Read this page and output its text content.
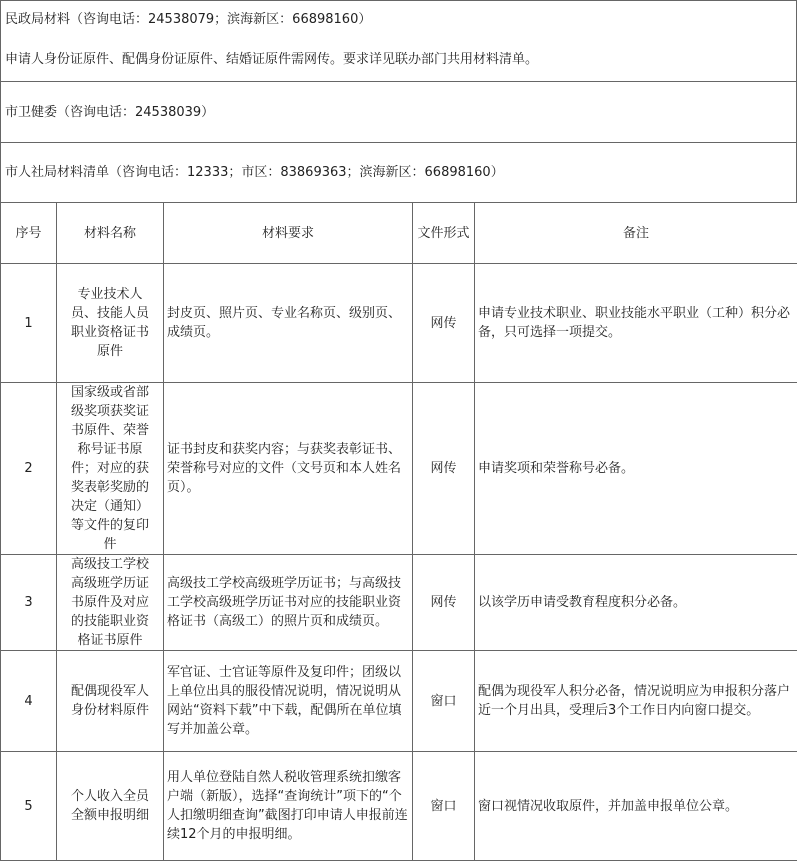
民政局材料（咨询电话：24538079；滨海新区：66898160）
申请人身份证原件、配偶身份证原件、结婚证原件需网传。要求详见联办部门共用材料清单。
市卫健委（咨询电话：24538039）
市人社局材料清单（咨询电话：12333；市区：83869363；滨海新区：66898160）
序号	材料名称	材料要求	文件形式	备注
1	专业技术人员、技能人员职业资格证书原件	封皮页、照片页、专业名称页、级别页、成绩页。	网传	申请专业技术职业、职业技能水平职业（工种）积分必备，只可选择一项提交。
2	国家级或省部级奖项获奖证书原件、荣誉称号证书原件；对应的获奖表彰奖励的决定（通知）等文件的复印件	证书封皮和获奖内容；与获奖表彰证书、荣誉称号对应的文件（文号页和本人姓名页）。	网传	申请奖项和荣誉称号必备。
3	高级技工学校高级班学历证书原件及对应的技能职业资格证书原件	高级技工学校高级班学历证书；与高级技工学校高级班学历证书对应的技能职业资格证书（高级工）的照片页和成绩页。	网传	以该学历申请受教育程度积分必备。
4	配偶现役军人身份材料原件	军官证、士官证等原件及复印件；团级以上单位出具的服役情况说明，情况说明从网站“资料下载”中下载，配偶所在单位填写并加盖公章。	窗口	配偶为现役军人积分必备，情况说明应为申报积分落户近一个月出具，受理后3个工作日内向窗口提交。
5	个人收入全员全额申报明细	用人单位登陆自然人税收管理系统扣缴客户端（新版），选择“查询统计”项下的“个人扣缴明细查询”截图打印申请人申报前连续12个月的申报明细。	窗口	窗口视情况收取原件，并加盖申报单位公章。
